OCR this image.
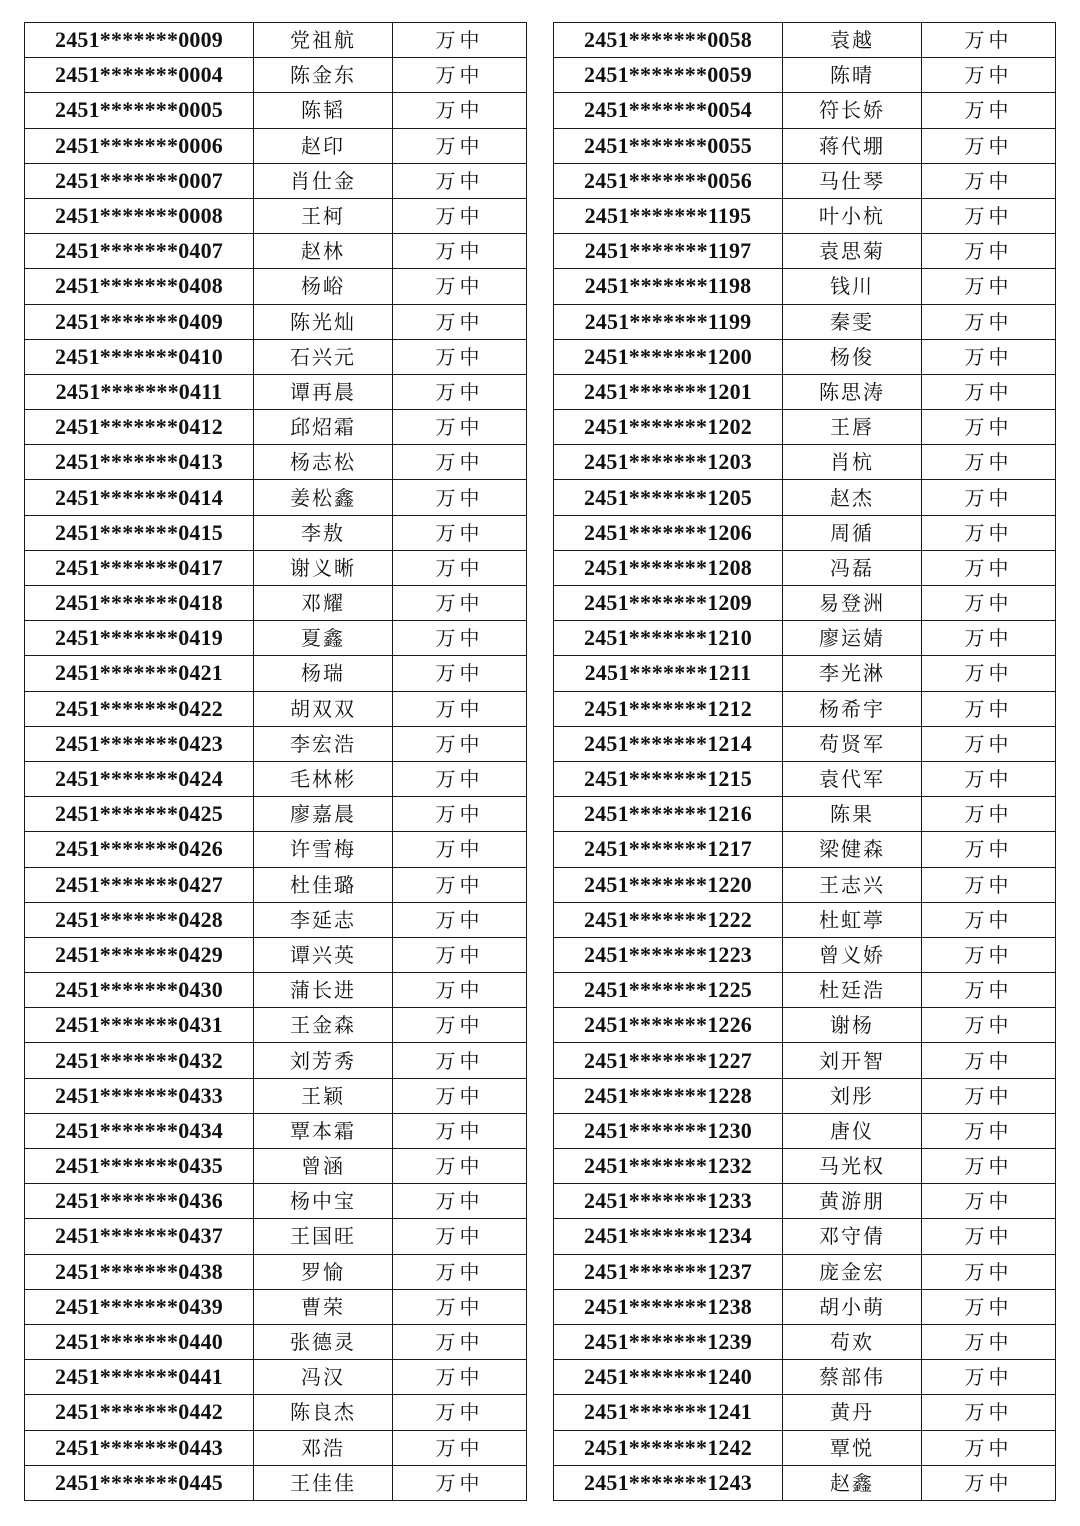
2451*******0009	党祖航	万中
2451*******0004	陈金东	万中
2451*******0005	陈韬	万中
2451*******0006	赵印	万中
2451*******0007	肖仕金	万中
2451*******0008	王柯	万中
2451*******0407	赵林	万中
2451*******0408	杨峪	万中
2451*******0409	陈光灿	万中
2451*******0410	石兴元	万中
2451*******0411	谭再晨	万中
2451*******0412	邱炤霜	万中
2451*******0413	杨志松	万中
2451*******0414	姜松鑫	万中
2451*******0415	李敖	万中
2451*******0417	谢义晰	万中
2451*******0418	邓耀	万中
2451*******0419	夏鑫	万中
2451*******0421	杨瑞	万中
2451*******0422	胡双双	万中
2451*******0423	李宏浩	万中
2451*******0424	毛林彬	万中
2451*******0425	廖嘉晨	万中
2451*******0426	许雪梅	万中
2451*******0427	杜佳璐	万中
2451*******0428	李延志	万中
2451*******0429	谭兴英	万中
2451*******0430	蒲长进	万中
2451*******0431	王金森	万中
2451*******0432	刘芳秀	万中
2451*******0433	王颖	万中
2451*******0434	覃本霜	万中
2451*******0435	曾涵	万中
2451*******0436	杨中宝	万中
2451*******0437	王国旺	万中
2451*******0438	罗愉	万中
2451*******0439	曹荣	万中
2451*******0440	张德灵	万中
2451*******0441	冯汉	万中
2451*******0442	陈良杰	万中
2451*******0443	邓浩	万中
2451*******0445	王佳佳	万中
2451*******0058	袁越	万中
2451*******0059	陈晴	万中
2451*******0054	符长娇	万中
2451*******0055	蒋代堋	万中
2451*******0056	马仕琴	万中
2451*******1195	叶小杭	万中
2451*******1197	袁思菊	万中
2451*******1198	钱川	万中
2451*******1199	秦雯	万中
2451*******1200	杨俊	万中
2451*******1201	陈思涛	万中
2451*******1202	王唇	万中
2451*******1203	肖杭	万中
2451*******1205	赵杰	万中
2451*******1206	周循	万中
2451*******1208	冯磊	万中
2451*******1209	易登洲	万中
2451*******1210	廖运婧	万中
2451*******1211	李光淋	万中
2451*******1212	杨希宇	万中
2451*******1214	苟贤军	万中
2451*******1215	袁代军	万中
2451*******1216	陈果	万中
2451*******1217	梁健森	万中
2451*******1220	王志兴	万中
2451*******1222	杜虹葶	万中
2451*******1223	曾义娇	万中
2451*******1225	杜廷浩	万中
2451*******1226	谢杨	万中
2451*******1227	刘开智	万中
2451*******1228	刘彤	万中
2451*******1230	唐仪	万中
2451*******1232	马光权	万中
2451*******1233	黄游朋	万中
2451*******1234	邓守倩	万中
2451*******1237	庞金宏	万中
2451*******1238	胡小萌	万中
2451*******1239	苟欢	万中
2451*******1240	蔡部伟	万中
2451*******1241	黄丹	万中
2451*******1242	覃悦	万中
2451*******1243	赵鑫	万中
